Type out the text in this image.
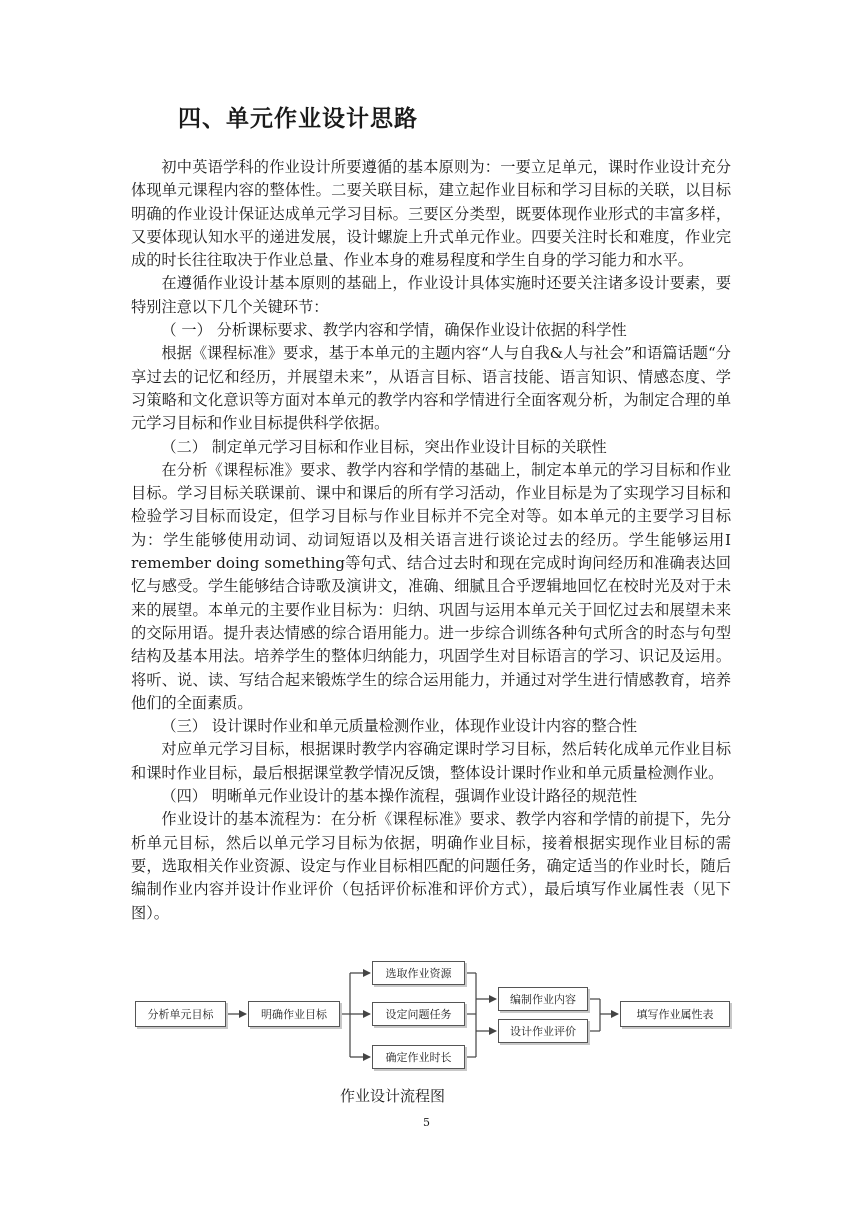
四、单元作业设计思路

初中英语学科的作业设计所要遵循的基本原则为：一要立足单元，课时作业设计充分体现单元课程内容的整体性。二要关联目标，建立起作业目标和学习目标的关联，以目标明确的作业设计保证达成单元学习目标。三要区分类型，既要体现作业形式的丰富多样，又要体现认知水平的递进发展，设计螺旋上升式单元作业。四要关注时长和难度，作业完成的时长往往取决于作业总量、作业本身的难易程度和学生自身的学习能力和水平。

在遵循作业设计基本原则的基础上，作业设计具体实施时还要关注诸多设计要素，要特别注意以下几个关键环节：

（ 一） 分析课标要求、教学内容和学情，确保作业设计依据的科学性

根据《课程标准》要求，基于本单元的主题内容“人与自我&人与社会”和语篇话题“分享过去的记忆和经历，并展望未来”，从语言目标、语言技能、语言知识、情感态度、学习策略和文化意识等方面对本单元的教学内容和学情进行全面客观分析，为制定合理的单元学习目标和作业目标提供科学依据。

（二） 制定单元学习目标和作业目标，突出作业设计目标的关联性

在分析《课程标准》要求、教学内容和学情的基础上，制定本单元的学习目标和作业目标。学习目标关联课前、课中和课后的所有学习活动，作业目标是为了实现学习目标和检验学习目标而设定，但学习目标与作业目标并不完全对等。如本单元的主要学习目标为：学生能够使用动词、动词短语以及相关语言进行谈论过去的经历。学生能够运用I remember doing something等句式、结合过去时和现在完成时询问经历和准确表达回忆与感受。学生能够结合诗歌及演讲文，准确、细腻且合乎逻辑地回忆在校时光及对于未来的展望。本单元的主要作业目标为：归纳、巩固与运用本单元关于回忆过去和展望未来的交际用语。提升表达情感的综合语用能力。进一步综合训练各种句式所含的时态与句型结构及基本用法。培养学生的整体归纳能力，巩固学生对目标语言的学习、识记及运用。将听、说、读、写结合起来锻炼学生的综合运用能力，并通过对学生进行情感教育，培养他们的全面素质。

（三） 设计课时作业和单元质量检测作业，体现作业设计内容的整合性

对应单元学习目标，根据课时教学内容确定课时学习目标，然后转化成单元作业目标和课时作业目标，最后根据课堂教学情况反馈，整体设计课时作业和单元质量检测作业。

（四） 明晰单元作业设计的基本操作流程，强调作业设计路径的规范性

作业设计的基本流程为：在分析《课程标准》要求、教学内容和学情的前提下，先分析单元目标，然后以单元学习目标为依据，明确作业目标，接着根据实现作业目标的需要，选取相关作业资源、设定与作业目标相匹配的问题任务，确定适当的作业时长，随后编制作业内容并设计作业评价（包括评价标准和评价方式），最后填写作业属性表（见下图）。

分析单元目标	明确作业目标
选取作业资源
设定问题任务
确定作业时长
编制作业内容
设计作业评价
填写作业属性表

作业设计流程图

5
